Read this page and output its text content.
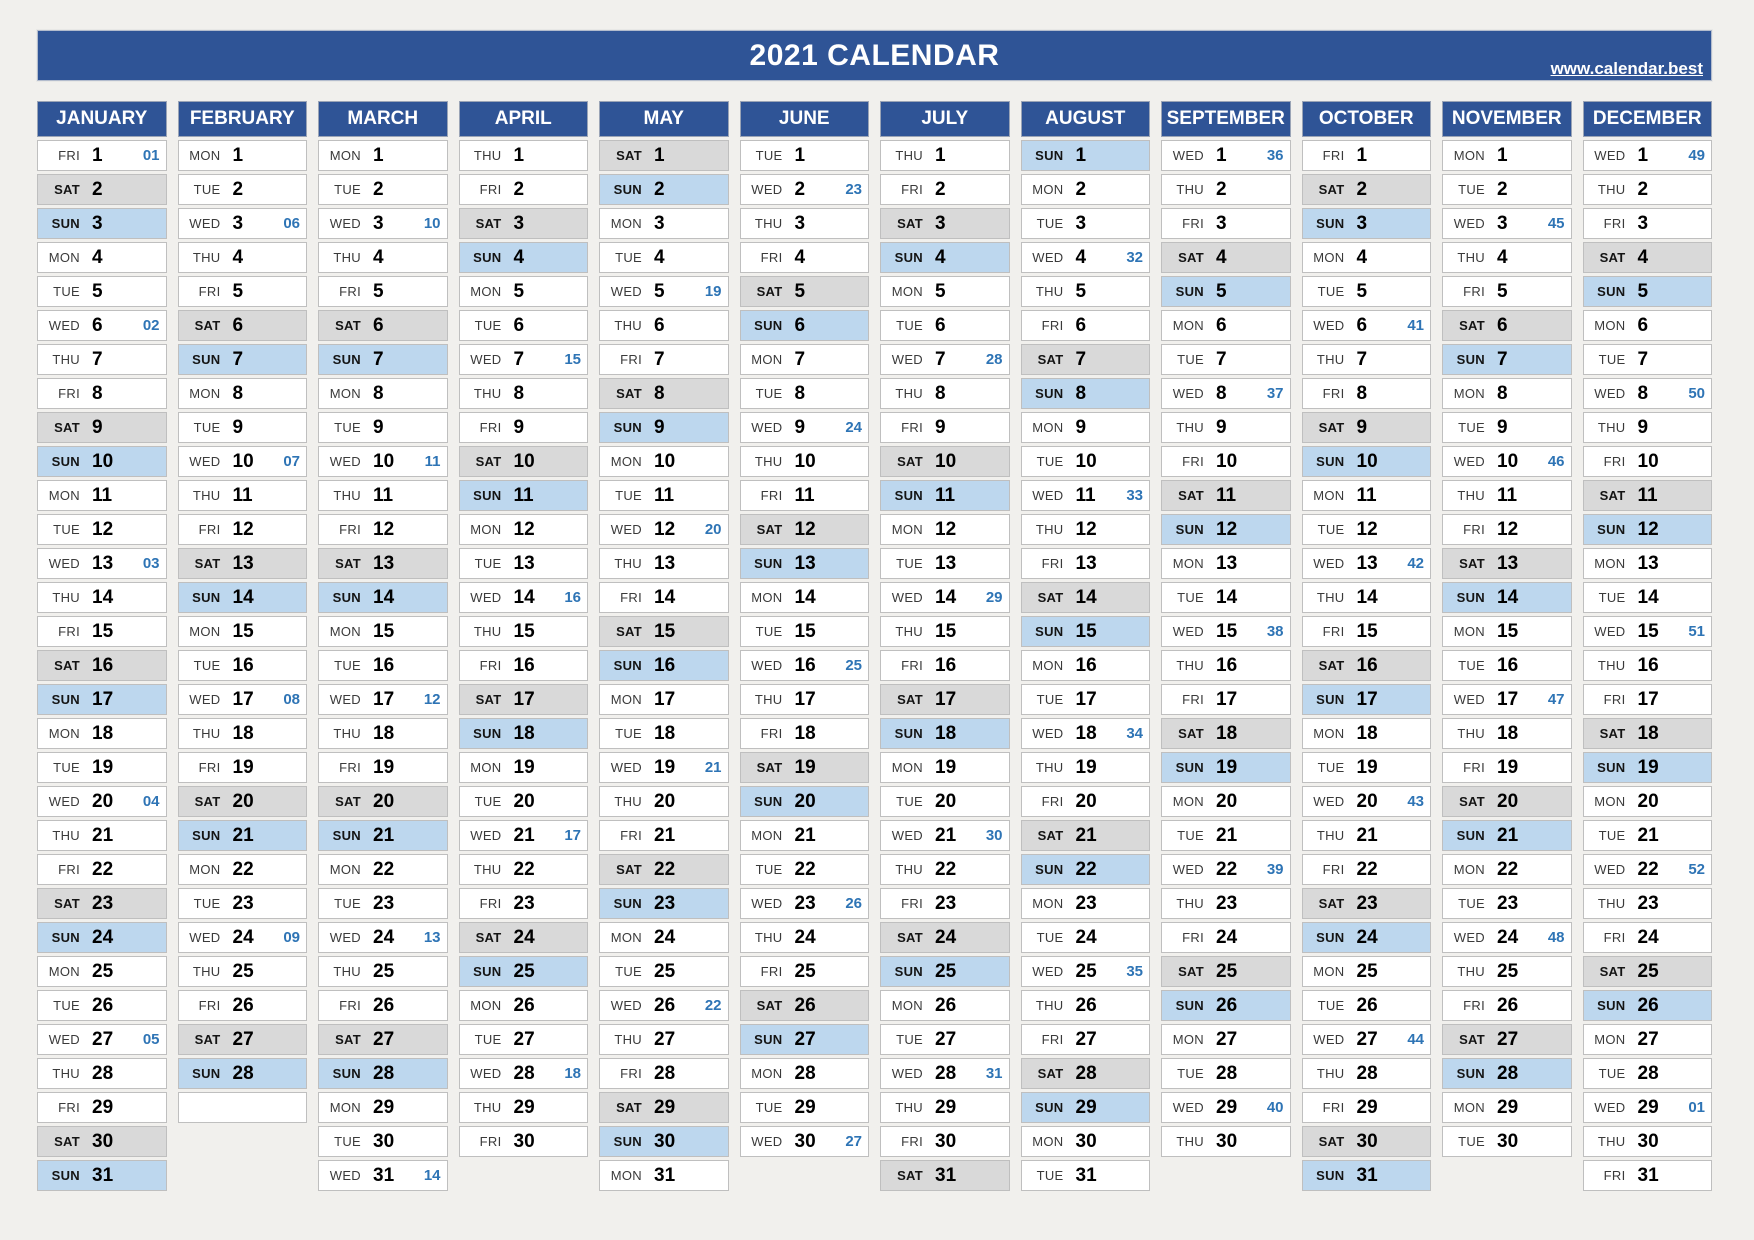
2021 CALENDAR	www.calendar.best
JANUARY
FRI 1	01
SAT 2
SUN 3
MON 4
TUE 5
WED 6	02
THU 7
FRI 8
SAT 9
SUN 10
MON 11
TUE 12
WED 13 03
THU 14
FRI 15
SAT 16
SUN 17
MON 18
TUE 19
WED 20 04
THU 21
FRI 22
SAT 23
SUN 24
MON 25
TUE 26
WED 27 05
THU 28
FRI 29
SAT 30
SUN 31
FEBRUARY
MON 1
TUE 2
WED 3	06
THU 4
FRI 5
SAT 6
SUN 7
MON 8
TUE 9
WED 10 07
THU 11
FRI 12
SAT 13
SUN 14
MON 15
TUE 16
WED 17 08
THU 18
FRI 19
SAT 20
SUN 21
MON 22
TUE 23
WED 24 09
THU 25
FRI 26
SAT 27
SUN 28
MARCH
MON 1
TUE 2
WED 3	10
THU 4
FRI 5
SAT 6
SUN 7
MON 8
TUE 9
WED 10 11
THU 11
FRI 12
SAT 13
SUN 14
MON 15
TUE 16
WED 17 12
THU 18
FRI 19
SAT 20
SUN 21
MON 22
TUE 23
WED 24 13
THU 25
FRI 26
SAT 27
SUN 28
MON 29
TUE 30
WED 31 14
APRIL
THU 1
FRI 2
SAT 3
SUN 4
MON 5
TUE 6
WED 7	15
THU 8
FRI 9
SAT 10
SUN 11
MON 12
TUE 13
WED 14 16
THU 15
FRI 16
SAT 17
SUN 18
MON 19
TUE 20
WED 21 17
THU 22
FRI 23
SAT 24
SUN 25
MON 26
TUE 27
WED 28 18
THU 29
FRI 30
MAY
SAT 1
SUN 2
MON 3
TUE 4
WED 5	19
THU 6
FRI 7
SAT 8
SUN 9
MON 10
TUE 11
WED 12 20
THU 13
FRI 14
SAT 15
SUN 16
MON 17
TUE 18
WED 19 21
THU 20
FRI 21
SAT 22
SUN 23
MON 24
TUE 25
WED 26 22
THU 27
FRI 28
SAT 29
SUN 30
MON 31
JUNE
TUE 1
WED 2	23
THU 3
FRI 4
SAT 5
SUN 6
MON 7
TUE 8
WED 9	24
THU 10
FRI 11
SAT 12
SUN 13
MON 14
TUE 15
WED 16 25
THU 17
FRI 18
SAT 19
SUN 20
MON 21
TUE 22
WED 23 26
THU 24
FRI 25
SAT 26
SUN 27
MON 28
TUE 29
WED 30 27
JULY
THU 1
FRI 2
SAT 3
SUN 4
MON 5
TUE 6
WED 7	28
THU 8
FRI 9
SAT 10
SUN 11
MON 12
TUE 13
WED 14 29
THU 15
FRI 16
SAT 17
SUN 18
MON 19
TUE 20
WED 21 30
THU 22
FRI 23
SAT 24
SUN 25
MON 26
TUE 27
WED 28 31
THU 29
FRI 30
SAT 31
AUGUST
SUN 1
MON 2
TUE 3
WED 4	32
THU 5
FRI 6
SAT 7
SUN 8
MON 9
TUE 10
WED 11 33
THU 12
FRI 13
SAT 14
SUN 15
MON 16
TUE 17
WED 18 34
THU 19
FRI 20
SAT 21
SUN 22
MON 23
TUE 24
WED 25 35
THU 26
FRI 27
SAT 28
SUN 29
MON 30
TUE 31
SEPTEMBER
WED 1	36
THU 2
FRI 3
SAT 4
SUN 5
MON 6
TUE 7
WED 8	37
THU 9
FRI 10
SAT 11
SUN 12
MON 13
TUE 14
WED 15 38
THU 16
FRI 17
SAT 18
SUN 19
MON 20
TUE 21
WED 22 39
THU 23
FRI 24
SAT 25
SUN 26
MON 27
TUE 28
WED 29 40
THU 30
OCTOBER
FRI 1
SAT 2
SUN 3
MON 4
TUE 5
WED 6	41
THU 7
FRI 8
SAT 9
SUN 10
MON 11
TUE 12
WED 13 42
THU 14
FRI 15
SAT 16
SUN 17
MON 18
TUE 19
WED 20 43
THU 21
FRI 22
SAT 23
SUN 24
MON 25
TUE 26
WED 27 44
THU 28
FRI 29
SAT 30
SUN 31
NOVEMBER
MON 1
TUE 2
WED 3	45
THU 4
FRI 5
SAT 6
SUN 7
MON 8
TUE 9
WED 10 46
THU 11
FRI 12
SAT 13
SUN 14
MON 15
TUE 16
WED 17 47
THU 18
FRI 19
SAT 20
SUN 21
MON 22
TUE 23
WED 24 48
THU 25
FRI 26
SAT 27
SUN 28
MON 29
TUE 30
DECEMBER
WED 1	49
THU 2
FRI 3
SAT 4
SUN 5
MON 6
TUE 7
WED 8	50
THU 9
FRI 10
SAT 11
SUN 12
MON 13
TUE 14
WED 15 51
THU 16
FRI 17
SAT 18
SUN 19
MON 20
TUE 21
WED 22 52
THU 23
FRI 24
SAT 25
SUN 26
MON 27
TUE 28
WED 29 01
THU 30
FRI 31
